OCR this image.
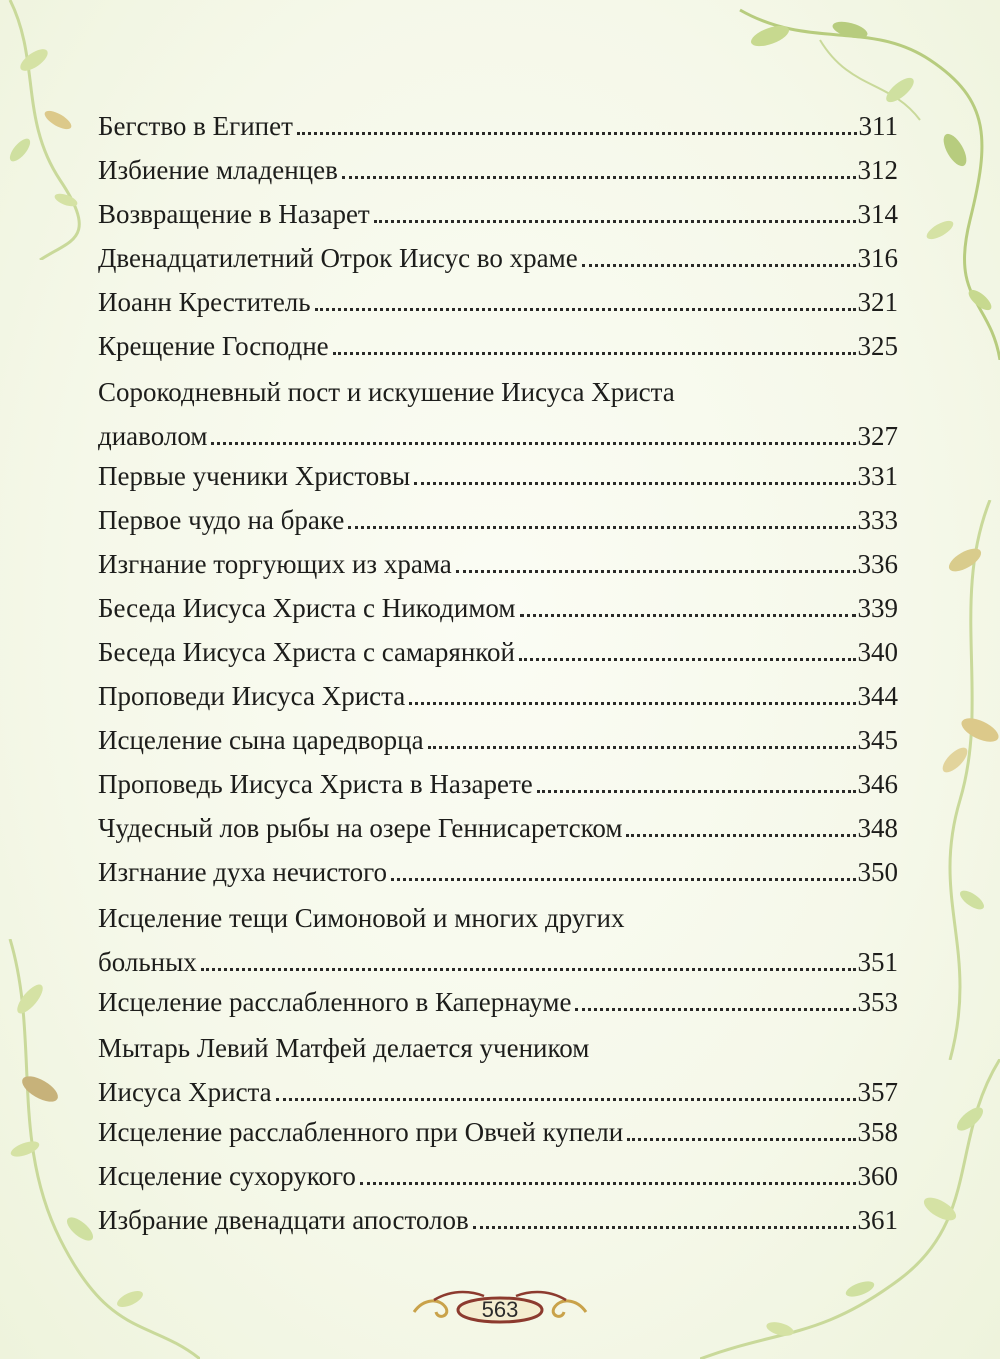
Бегство в Египет	311
Избиение младенцев	312
Возвращение в Назарет	314
Двенадцатилетний Отрок Иисус во храме	316
Иоанн Креститель	321
Крещение Господне	325
Сорокодневный пост и искушение Иисуса Христа
диаволом	327
Первые ученики Христовы	331
Первое чудо на браке	333
Изгнание торгующих из храма	336
Беседа Иисуса Христа с Никодимом	339
Беседа Иисуса Христа с самарянкой	340
Проповеди Иисуса Христа	344
Исцеление сына царедворца	345
Проповедь Иисуса Христа в Назарете	346
Чудесный лов рыбы на озере Геннисаретском	348
Изгнание духа нечистого	350
Исцеление тещи Симоновой и многих других
больных	351
Исцеление расслабленного в Капернауме	353
Мытарь Левий Матфей делается учеником
Иисуса Христа	357
Исцеление расслабленного при Овчей купели	358
Исцеление сухорукого	360
Избрание двенадцати апостолов	361
563
